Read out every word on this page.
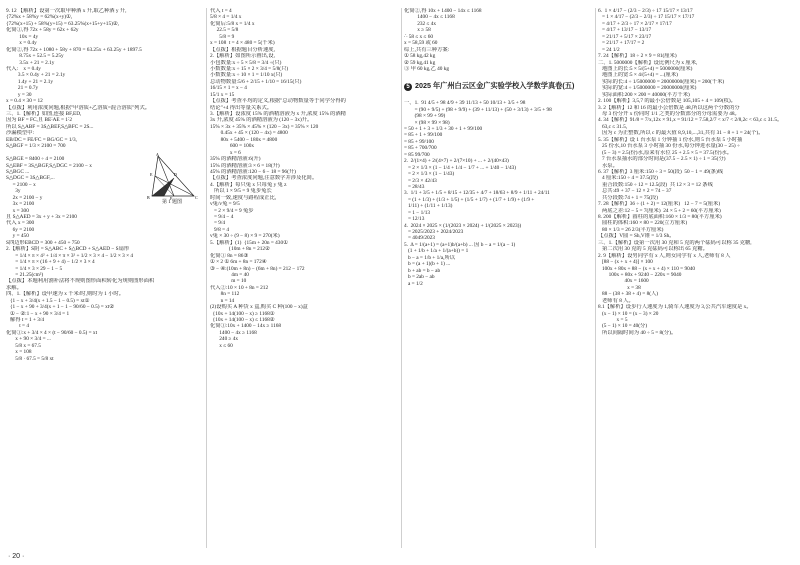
9. 12 【解析】设第一次取甲种酒 x 升,取乙种酒 y 升,
{72%x + 58%y = 62%(x+y)①,
{72%(x+15) + 58%(y+15) = 63.25%(x+15+y+15)②,
化简①,得 72x + 58y = 62x + 62y
10x = 4y
x = 0.4y
化简②,得 72x + 1080 + 58y + 870 = 63.25x + 63.25y + 1897.5
8.75x + 52.5 = 5.25y
3.5x + 21 = 2.1y
代入:    x = 0.4y
3.5 × 0.4y + 21 = 2.1y
1.4y + 21 = 2.1y
21 = 0.7y
y = 30
x = 0.4 × 30 = 12
【点拨】利用浓度问题,根据"甲溶质+乙溶质=混合溶质"列式。
三、1.【解析】如图,连接 BF,ED,
因为 BF = FC,且 BE∶AE = 1∶2
所以 S△ABF = 3S△BEF,S△BFC = 2S...
沙漏模型中:
EB/DC = FE/FC = BG/GC = 1/3,
S△BGF = 1/3 × 2100 = 700
S△BGE = 8400 ÷ 4 = 2100
S△EBF = 3S△BGF,S△DGC = 2100 − x
S△BGC ...
S△DGC = 3S△BGF,...
= 2100 − x
3y
2x = 2100 − y
3x = 2100
x = 300
且 S△AED = 3x + y + 3x = 2100
代入 x = 300
6y = 2100
y = 450
S四边形EBCD = 300 + 450 + 750
2.【解析】S阴 = S△ABC + S△BCD + S△AED − S扇形
= 1/4 × π × 4² + 1/4 × π × 3² + 1/2 × 3 × 4 − 1/2 × 3 × 4
= 1/4 × π × (16 + 9 + 4) − 1/2 × 3 × 4
= 1/4 × 3 × 29 − 1 − 5
= 21.25(cm²)
【点拨】本题利用割补法将不规则图形面积转化为规则图形面积
求解。
四、1.【解析】设甲速为 x 千米/时,则时为 1 小时。
{1 − x + 3/4(x + 1.5 − 1 − 0.5) = xt①
{1 − x + 90 + 3/4(x + 1 − 1 − 90/60 − 0.5) = xt②
① − ②:1 − x + 90 × 3/4 = 1
解得 t = 1 + 3/4
t = 4
化简①:x + 3/4 × 4 × (t − 90/60 − 0.5) = xt
x + 90 × 3/4 = ...
5/8 x = 67.5
x = 108
5/8 · 67.5 = 5/8 xt
代入 t = 4
5/8 × 4 = 1/4 x
化简后:5/8 x = 1/4 x
22.5 = 5/8
5/8 = 9
x = 108  t = 4 × 480 = 5(千米)
【点拨】根据题目分析速度,
2.【解析】如图所示画出,设,
小包数量:x ÷ 5 × 5/8 = 3/4 ÷(只)
小数数量:x ÷ 15 × 2 × 3/4 = 5/8(只)
小数数量:x ÷ 10 × 1 = 1/10 x(只)
总动物数量:5/6 + 2/15 + 1/10 = 16/15(只)
16/15 × 1 = x − 4
15/1 x = 15
【点拨】考查平均的定义,根据"总动物数量等于同学分得的
结论"+4 得出等量关系式。
3.【解析】设浓度 15% 的酒精溶液为 x 升,浓度 15% 的酒精
3x 升,浓度 45% 的酒精溶液为 (120 − 3x)升。
15% × 3x + 35% × 45% × (120 − 3x) = 35% × 120
0.45x + 45 × (120 − 4x) = 4800
80x + 5400 − 180x = 4800
600 = 100x
x = 6
35% 的酒精溶液:6(升)
15% 的酒精溶液:3 × 6 = 18(升)
45% 的酒精溶液:120 − 6 − 18 = 96(升)
【点拨】考查浓度问题,注意数字并涉及化简。
4.【解析】每只兔 x 只每兔 y 兔 z
所以 1 × 9/5 = 9 兔步兔长
时间一致,速度与路程成正比,
v兔/v兔 = 9/5
= 2 × 9/4 = 9 兔步
= 9/4 − 4
= 9/4
9/8 = 4
v兔 × 30 ÷ (9 − 8) × 9 = 270(米)
5.【解析】(1)  {15m + 20n = 430①
{10m + 8n = 212②
化简① 8n = 86③
① × 2 ① 6m + 8n = 172④
③ − ④:(10m + 8n) − (6m + 8n) = 212 − 172
4m = 40
m = 10
代入②:10 × 10 + 8n = 212
8n = 112
n = 14
(2)设购买 A 种货 x 盒,购买 C 种(100 − x)盒
{10x + 14(100 − x) ≥ 1168①
{10x + 14(100 − x) ≤ 1168②
化简①:10x + 1400 − 14x ≥ 1168
1400 − 4x ≥ 1168
240 ≥ 4x
x ≤ 60
化简②,得 10x + 1400 − 14x ≤ 1168
1400 − 4x ≤ 1168
232 ≤ 4x
x ≥ 58
∴ 58 ≤ x ≤ 60
x = 58,59 或 60
综上,共有三种方案:
① 58 kg,42 kg
② 59 kg,41 kg
③ 甲 60 kg,乙 40 kg
5 2025 年广州白云区金广实验学校入学数学真卷(五)
一、1.  91 4/5 + 98 4/9 + 39 11/13 + 50 10/13 + 3/5 + 98
= (90 + 9/5) + (98 + 9/9) + (39 + 11/13) + (50 + 3/13) + 3/5 + 98
(98 × 99 + 99)
× (98 × 99 × 98)
= 50 + 1 + 3 + 1/3 + 30 + 1 + 99/100
= 85 + 1 + 99/100
= 85 + 99/100
= 85 + 700/700
= 85 99/700
2.  2/(1×4) + 2/(4×7) + 2/(7×10) + ... + 2/(40×43)
= 2 × 1/3 × (1 − 1/4 + 1/4 − 1/7 + ... + 1/40 − 1/43)
= 2 × 1/3 × (1 − 1/43)
= 2/3 × 42/43
= 28/43
3.  1/1 + 3/5 + 1/5 + 8/15 + 12/35 + 4/7 + 18/63 + 8/9 + 1/11 + 24/11
= (1 + 1/3) + (1/3 + 1/5) + (1/5 + 1/7) + (1/7 + 1/9) + (1/9 +
1/11) + (1/11 + 1/13)
= 1 − 1/13
= 12/13
4.  2024 × 2025 × (1/(2023 × 2024) + 1/(2025 × 2023))
= 2025/2023 + 2024/2023
= 4049/2023
5.  Δ = 1/(a+1) = (a+1)b/(a+b) ... 因 b − a = 1/(a − 1)
(1 + 1/b + 1/a + 1/(a+b)) = 1
b − a = 1/b + 1/a,所以
b = (a + 1)(b + 1) ...
b + ab = b − ab
b = 2ab − ab
a = 1/2
6.  1 × 4/17 − (2/3 − 2/3) ÷ 17 15/17 × 13/17
= 1 × 4/17 − (2/3 − 2/3) ÷ 17 15/17 × 17/17
= 4/17 + 2/3 ÷ 17 × 2/17 × 17/17
= 4/17 + 13/17 − 13/17
= 21/17 + 5/17 × 23/17
= 21/17 + 17/17 = 2
= 24 1/2
7. 24【解析】18 ÷ 2 × 9 = 81(厘米)
二、1. 5000000【解析】设比例尺为 x 厘米,
地图上的长:5 × 5/(5+4) = 5000000(厘米)
地图上的宽:5 × 4/(5+4) = ...(厘米)
实际的长:4 ÷ 1/5000000 = 20000000(厘米) = 200(千米)
实际的宽:4 ÷ 1/5000000 = 20000000(厘米)
实际面积:200 × 200 = 40000(平方千米)
2. 100【解析】3,5,7 的最小公倍数是 105,105 + 4 = 109(枚)。
3. 2【解析】12 和 16 的最小公倍数是 48,所以这两个分数的分
母 3 份分开 x 份同时 1/1 之类的分数部分的分母需要为 48。
4. 34【解析】91/8 = 7/x,12x × 91,x = 91/12 = 7.58,2/7 < x/7 < 2/8,2c < 63,c ≤ 31.5。
63,c ≤ 31.5,
因为 c 为正整数,所以 c 的最大值 8,9,10,...,31,共有 31 − 8 + 1 = 24(个)。
5. 35【解析】设 1 台水泵 1 分钟抽 1 份水,则 5 台水泵 5 小时抽
25 份水,10 台水泵 3 小时抽 30 份水,每分钟进水量(30 − 25) ÷
(5 − 3) = 2.5(份)水,原来有水位 25 + 2.5 × 5 = 37.5(份)水。
7 台水泵抽水的部分时间是(37.5 − 2.5 × 1) ÷ 1 = 35(分)
水泵。
6. 37【解析】3 厘米:150 ÷ 3 = 50(段)  50 − 1 = 49(条)线
4 厘米:150 ÷ 4 = 37.5(段)
重合段数:150 ÷ 12 = 12.5(段)  共 12 × 3 = 12 条线
总共:49 + 37 − 12 × 2 = 74 − 37
共分段数:74 + 1 = 75(段)
7. 28【解析】36 ÷ (1 + 2) = 12(厘米)   12 − 7 = 5(厘米)
两底之差:12 − 5 = 7(厘米)  24 × 5 + 2 = 60(平方厘米)
8. 200【解析】圆柱的底面积:160 × 1/3 = 80(平方厘米)
圆柱的体积:160 × 80 = 220(立方厘米)
80 × 1/3 = 26 2/3(平方厘米)
【点拨】V圆 = Sh,V锥 = 1/3 Sh。
三、1.【解析】设第一次用 30 克和 5 克的两个砝码可以称 35 克糖,
第二次用 30 克的 5 克砝码可以称出 65 克糖。
2. 9【解析】设男同学有 x 人,则女同学有 x 人,老师有 8 人
[88 − (x + x + 4)] × 100
100x + 80x + 88 − (x + x + 4) × 110 = 9040
100x + 80x + 9240 − 220x = 9040
40x = 1600
x = 38
88 − (38 + 38 + 4) = 8(人)
老师有 8 人。
8.1【解析】设步行人速度为 1,骑车人速度为 3,公共汽车速度是 x。
(x − 1) × 10 = (x − 3) × 20
x = 5
(5 − 1) × 10 = 40(分)
所以间隔时间为 40 ÷ 5 = 8(分)。
A
B	C
D
E
F
第 1 题图
· 20 ·
